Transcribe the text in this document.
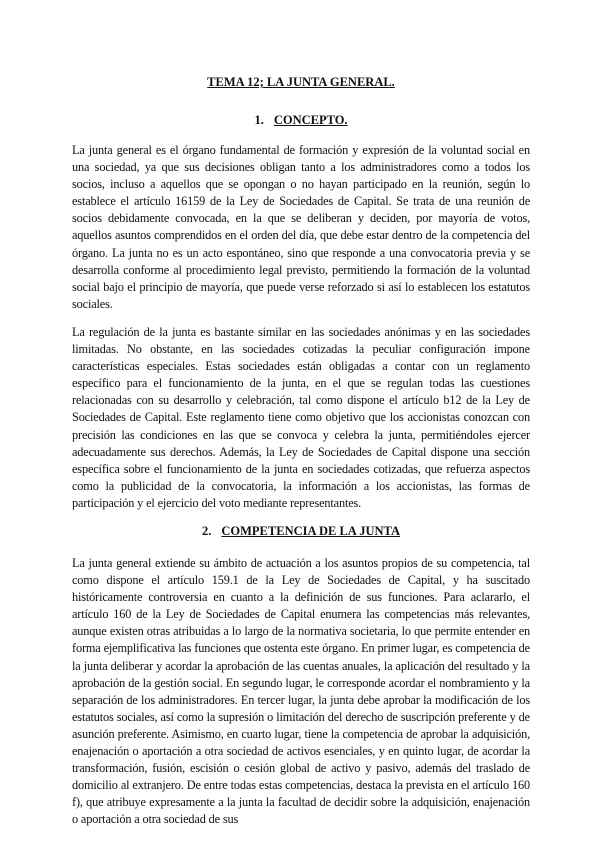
TEMA 12; LA JUNTA GENERAL.
1. CONCEPTO.

La junta general es el órgano fundamental de formación y expresión de la voluntad social en una sociedad, ya que sus decisiones obligan tanto a los administradores como a todos los socios, incluso a aquellos que se opongan o no hayan participado en la reunión, según lo establece el artículo 16159 de la Ley de Sociedades de Capital. Se trata de una reunión de socios debidamente convocada, en la que se deliberan y deciden, por mayoría de votos, aquellos asuntos comprendidos en el orden del día, que debe estar dentro de la competencia del órgano. La junta no es un acto espontáneo, sino que responde a una convocatoria previa y se desarrolla conforme al procedimiento legal previsto, permitiendo la formación de la voluntad social bajo el principio de mayoría, que puede verse reforzado si así lo establecen los estatutos sociales.

La regulación de la junta es bastante similar en las sociedades anónimas y en las sociedades limitadas. No obstante, en las sociedades cotizadas la peculiar configuración impone características especiales. Estas sociedades están obligadas a contar con un reglamento específico para el funcionamiento de la junta, en el que se regulan todas las cuestiones relacionadas con su desarrollo y celebración, tal como dispone el artículo b12 de la Ley de Sociedades de Capital. Este reglamento tiene como objetivo que los accionistas conozcan con precisión las condiciones en las que se convoca y celebra la junta, permitiéndoles ejercer adecuadamente sus derechos. Además, la Ley de Sociedades de Capital dispone una sección específica sobre el funcionamiento de la junta en sociedades cotizadas, que refuerza aspectos como la publicidad de la convocatoria, la información a los accionistas, las formas de participación y el ejercicio del voto mediante representantes.

2. COMPETENCIA DE LA JUNTA

La junta general extiende su ámbito de actuación a los asuntos propios de su competencia, tal como dispone el artículo 159.1 de la Ley de Sociedades de Capital, y ha suscitado históricamente controversia en cuanto a la definición de sus funciones. Para aclararlo, el artículo 160 de la Ley de Sociedades de Capital enumera las competencias más relevantes, aunque existen otras atribuidas a lo largo de la normativa societaria, lo que permite entender en forma ejemplificativa las funciones que ostenta este órgano. En primer lugar, es competencia de la junta deliberar y acordar la aprobación de las cuentas anuales, la aplicación del resultado y la aprobación de la gestión social. En segundo lugar, le corresponde acordar el nombramiento y la separación de los administradores. En tercer lugar, la junta debe aprobar la modificación de los estatutos sociales, así como la supresión o limitación del derecho de suscripción preferente y de asunción preferente. Asimismo, en cuarto lugar, tiene la competencia de aprobar la adquisición, enajenación o aportación a otra sociedad de activos esenciales, y en quinto lugar, de acordar la transformación, fusión, escisión o cesión global de activo y pasivo, además del traslado de domicilio al extranjero. De entre todas estas competencias, destaca la prevista en el artículo 160 f), que atribuye expresamente a la junta la facultad de decidir sobre la adquisición, enajenación o aportación a otra sociedad de sus
